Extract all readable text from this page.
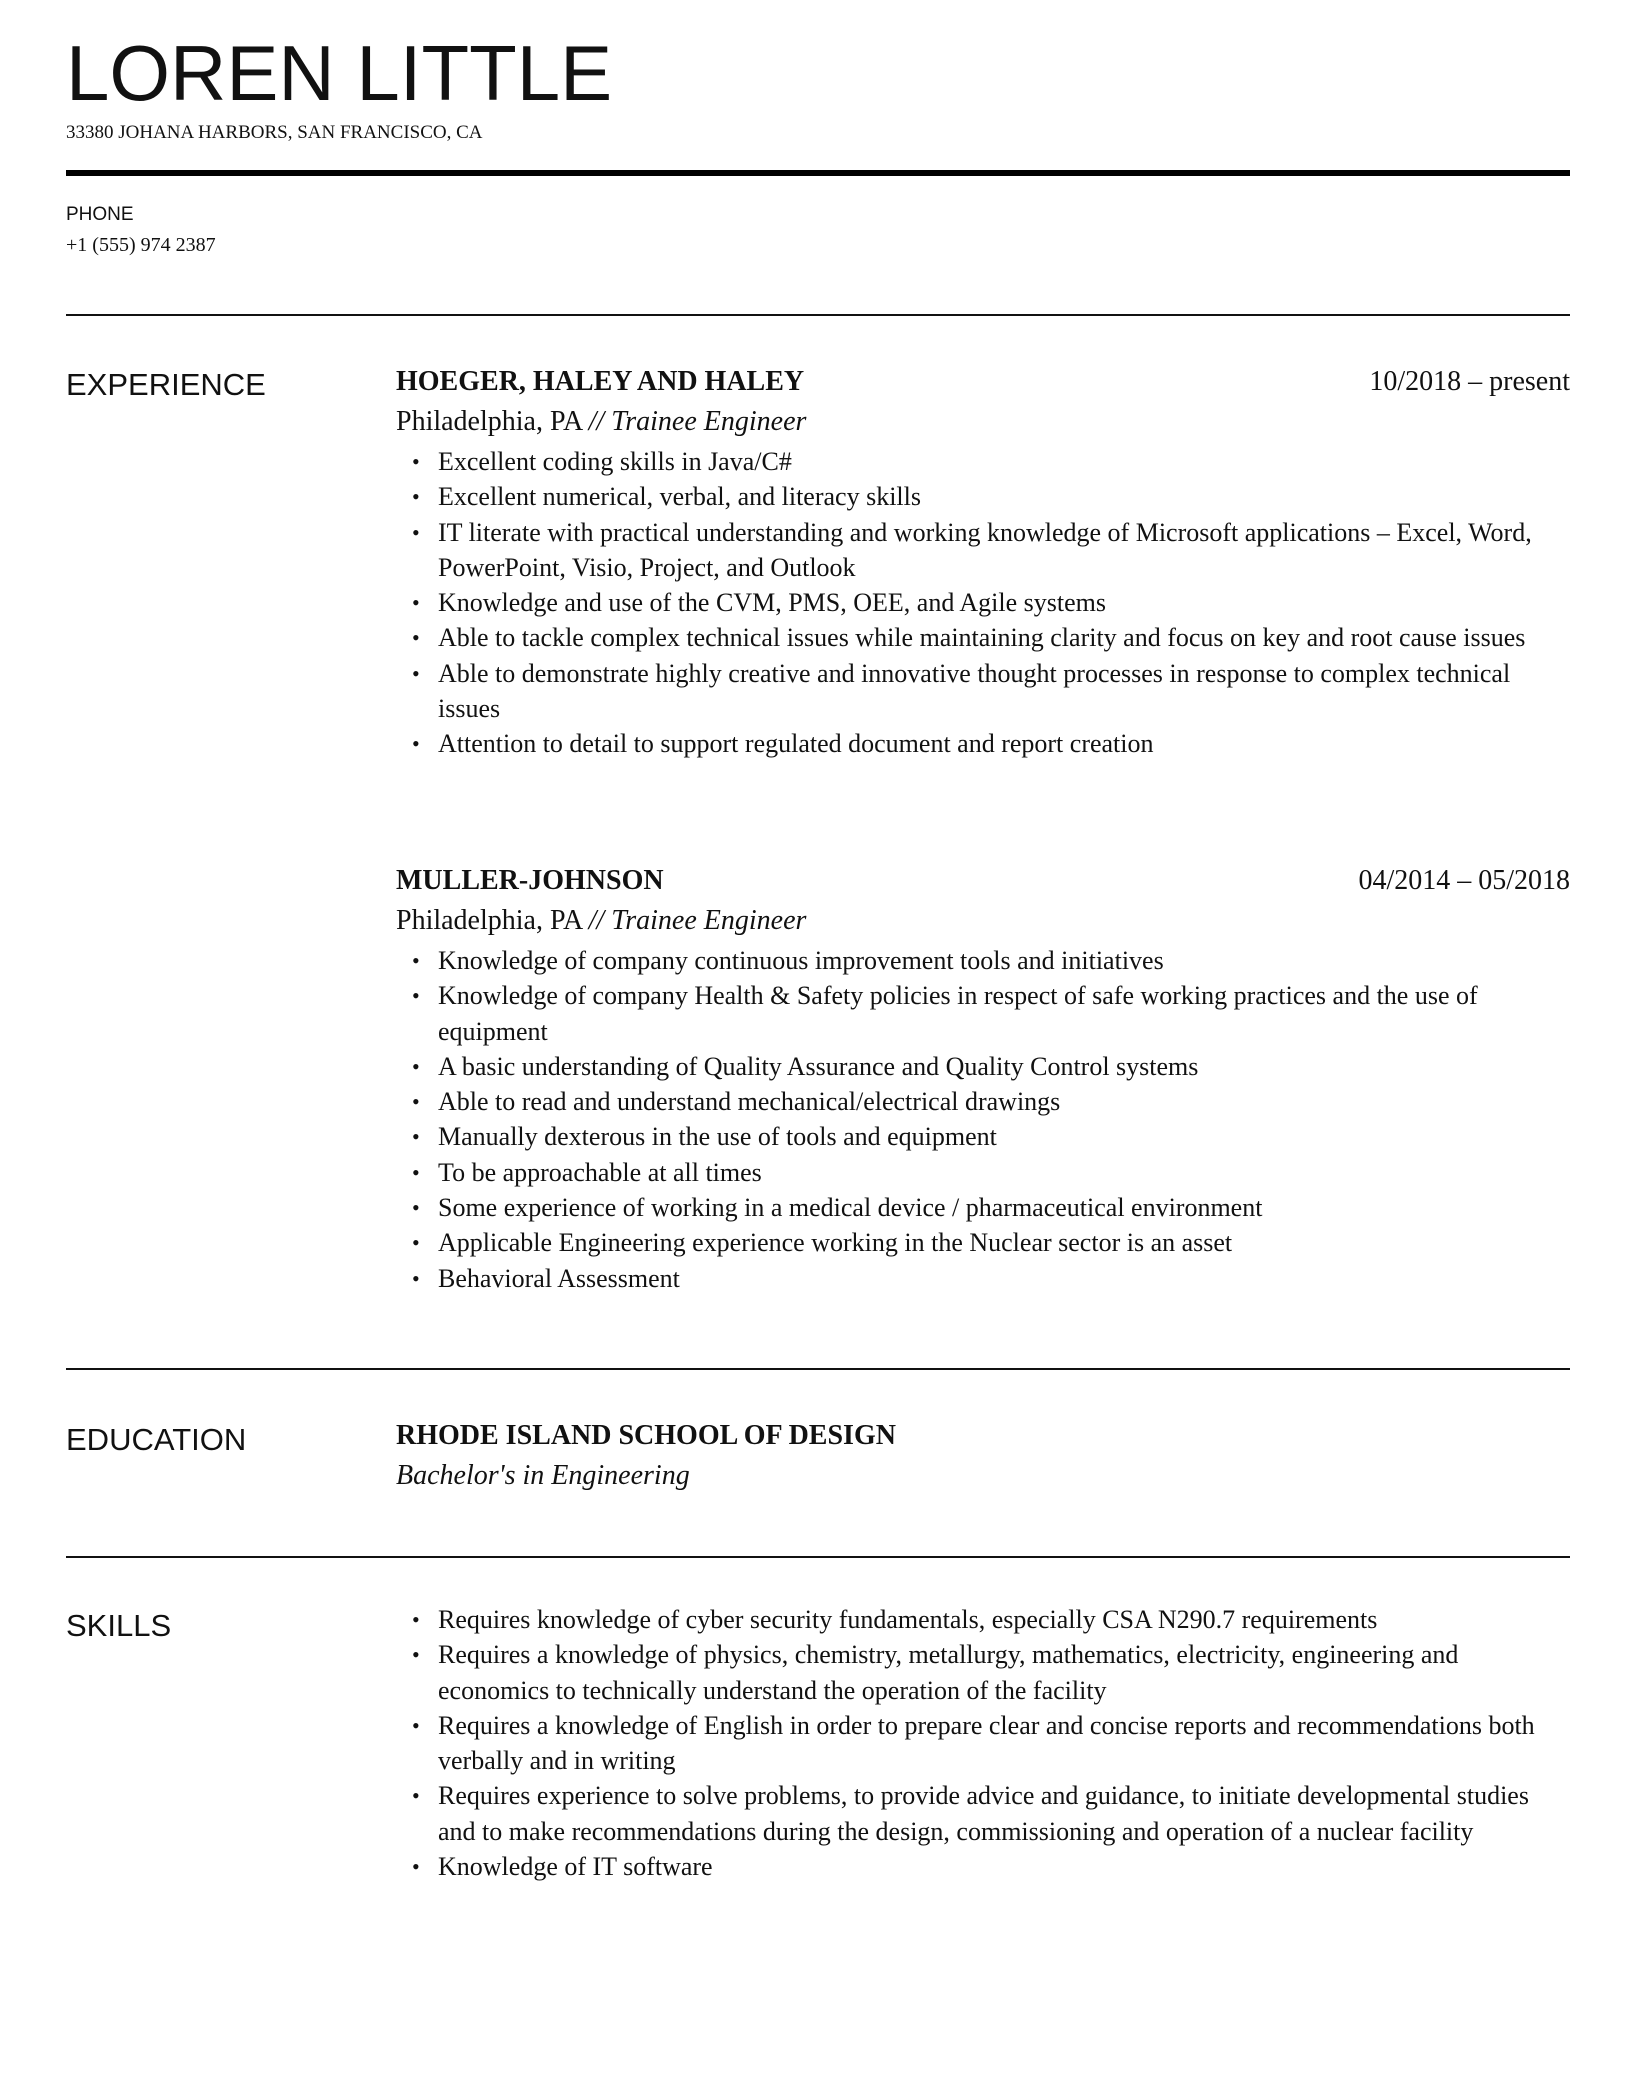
LOREN LITTLE
33380 JOHANA HARBORS, SAN FRANCISCO, CA
PHONE
+1 (555) 974 2387
EXPERIENCE	HOEGER, HALEY AND HALEY	10/2018 – present

Philadelphia, PA // Trainee Engineer

• Excellent coding skills in Java/C#
• Excellent numerical, verbal, and literacy skills
• IT literate with practical understanding and working knowledge of Microsoft applications – Excel, Word, PowerPoint, Visio, Project, and Outlook
• Knowledge and use of the CVM, PMS, OEE, and Agile systems
• Able to tackle complex technical issues while maintaining clarity and focus on key and root cause issues
• Able to demonstrate highly creative and innovative thought processes in response to complex technical issues
• Attention to detail to support regulated document and report creation
MULLER-JOHNSON	04/2014 – 05/2018

Philadelphia, PA // Trainee Engineer

• Knowledge of company continuous improvement tools and initiatives
• Knowledge of company Health & Safety policies in respect of safe working practices and the use of equipment
• A basic understanding of Quality Assurance and Quality Control systems
• Able to read and understand mechanical/electrical drawings
• Manually dexterous in the use of tools and equipment
• To be approachable at all times
• Some experience of working in a medical device / pharmaceutical environment
• Applicable Engineering experience working in the Nuclear sector is an asset
• Behavioral Assessment
EDUCATION	RHODE ISLAND SCHOOL OF DESIGN

Bachelor's in Engineering

SKILLS	• Requires knowledge of cyber security fundamentals, especially CSA N290.7 requirements
• Requires a knowledge of physics, chemistry, metallurgy, mathematics, electricity, engineering and economics to technically understand the operation of the facility
• Requires a knowledge of English in order to prepare clear and concise reports and recommendations both verbally and in writing
• Requires experience to solve problems, to provide advice and guidance, to initiate developmental studies and to make recommendations during the design, commissioning and operation of a nuclear facility
• Knowledge of IT software
